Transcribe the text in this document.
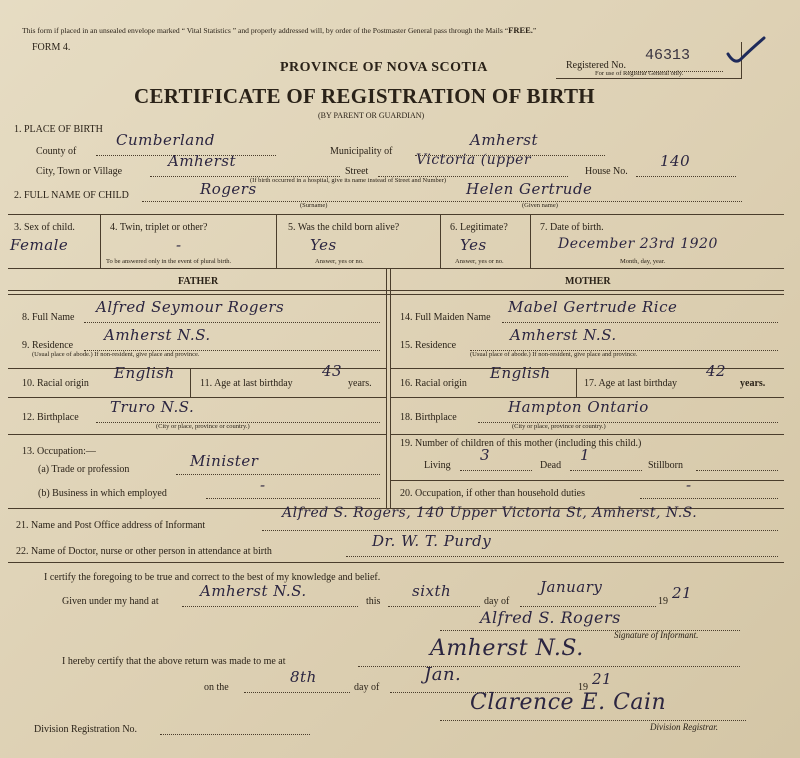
This form if placed in an unsealed envelope marked “ Vital Statistics ” and properly addressed will, by order of the Postmaster General pass through the Mails “FREE.”
FORM 4.
PROVINCE OF NOVA SCOTIA
CERTIFICATE OF REGISTRATION OF BIRTH
(BY PARENT OR GUARDIAN)
Registered No.
46313
For use of Registrar General only.
1. PLACE OF BIRTH
County of
Cumberland
Municipality of
Amherst
City, Town or Village
Amherst
Street
Victoria (upper
House No.
140
(If birth occurred in a hospital, give its name instead of Street and Number)
2. FULL NAME OF CHILD	Rogers	Helen Gertrude
(Surname)	(Given name)
3. Sex of child.
Female
4. Twin, triplet or other?
-
To be answered only in the event of plural birth.
5. Was the child born alive?
Yes
Answer, yes or no.
6. Legitimate?
Yes
Answer, yes or no.
7. Date of birth.
December 23rd 1920
Month, day, year.
FATHER	MOTHER
8. Full Name
Alfred Seymour Rogers
9. Residence
Amherst N.S.
(Usual place of abode.) If non-resident, give place and province.
10. Racial origin
English
11. Age at last birthday
43
years.
12. Birthplace
Truro N.S.
(City or place, province or country.)
13. Occupation:—
(a) Trade or profession	Minister
(b) Business in which employed	-
14. Full Maiden Name
Mabel Gertrude Rice
15. Residence
Amherst N.S.
(Usual place of abode.) If non-resident, give place and province.
16. Racial origin
English
17. Age at last birthday
42
years.
18. Birthplace
Hampton Ontario
(City or place, province or country.)
19. Number of children of this mother (including this child.)
Living
3
Dead
1
Stillborn
20. Occupation, if other than household duties	-
21. Name and Post Office address of Informant
Alfred S. Rogers, 140 Upper Victoria St, Amherst, N.S.
22. Name of Doctor, nurse or other person in attendance at birth
Dr. W. T. Purdy
I certify the foregoing to be true and correct to the best of my knowledge and belief.
Given under my hand at
Amherst N.S.
this
sixth
day of
January
19 21
Alfred S. Rogers
Signature of Informant.
I hereby certify that the above return was made to me at
Amherst N.S.
on the
8th
day of
Jan.
19 21
Clarence E. Cain
Division Registrar.
Division Registration No.
